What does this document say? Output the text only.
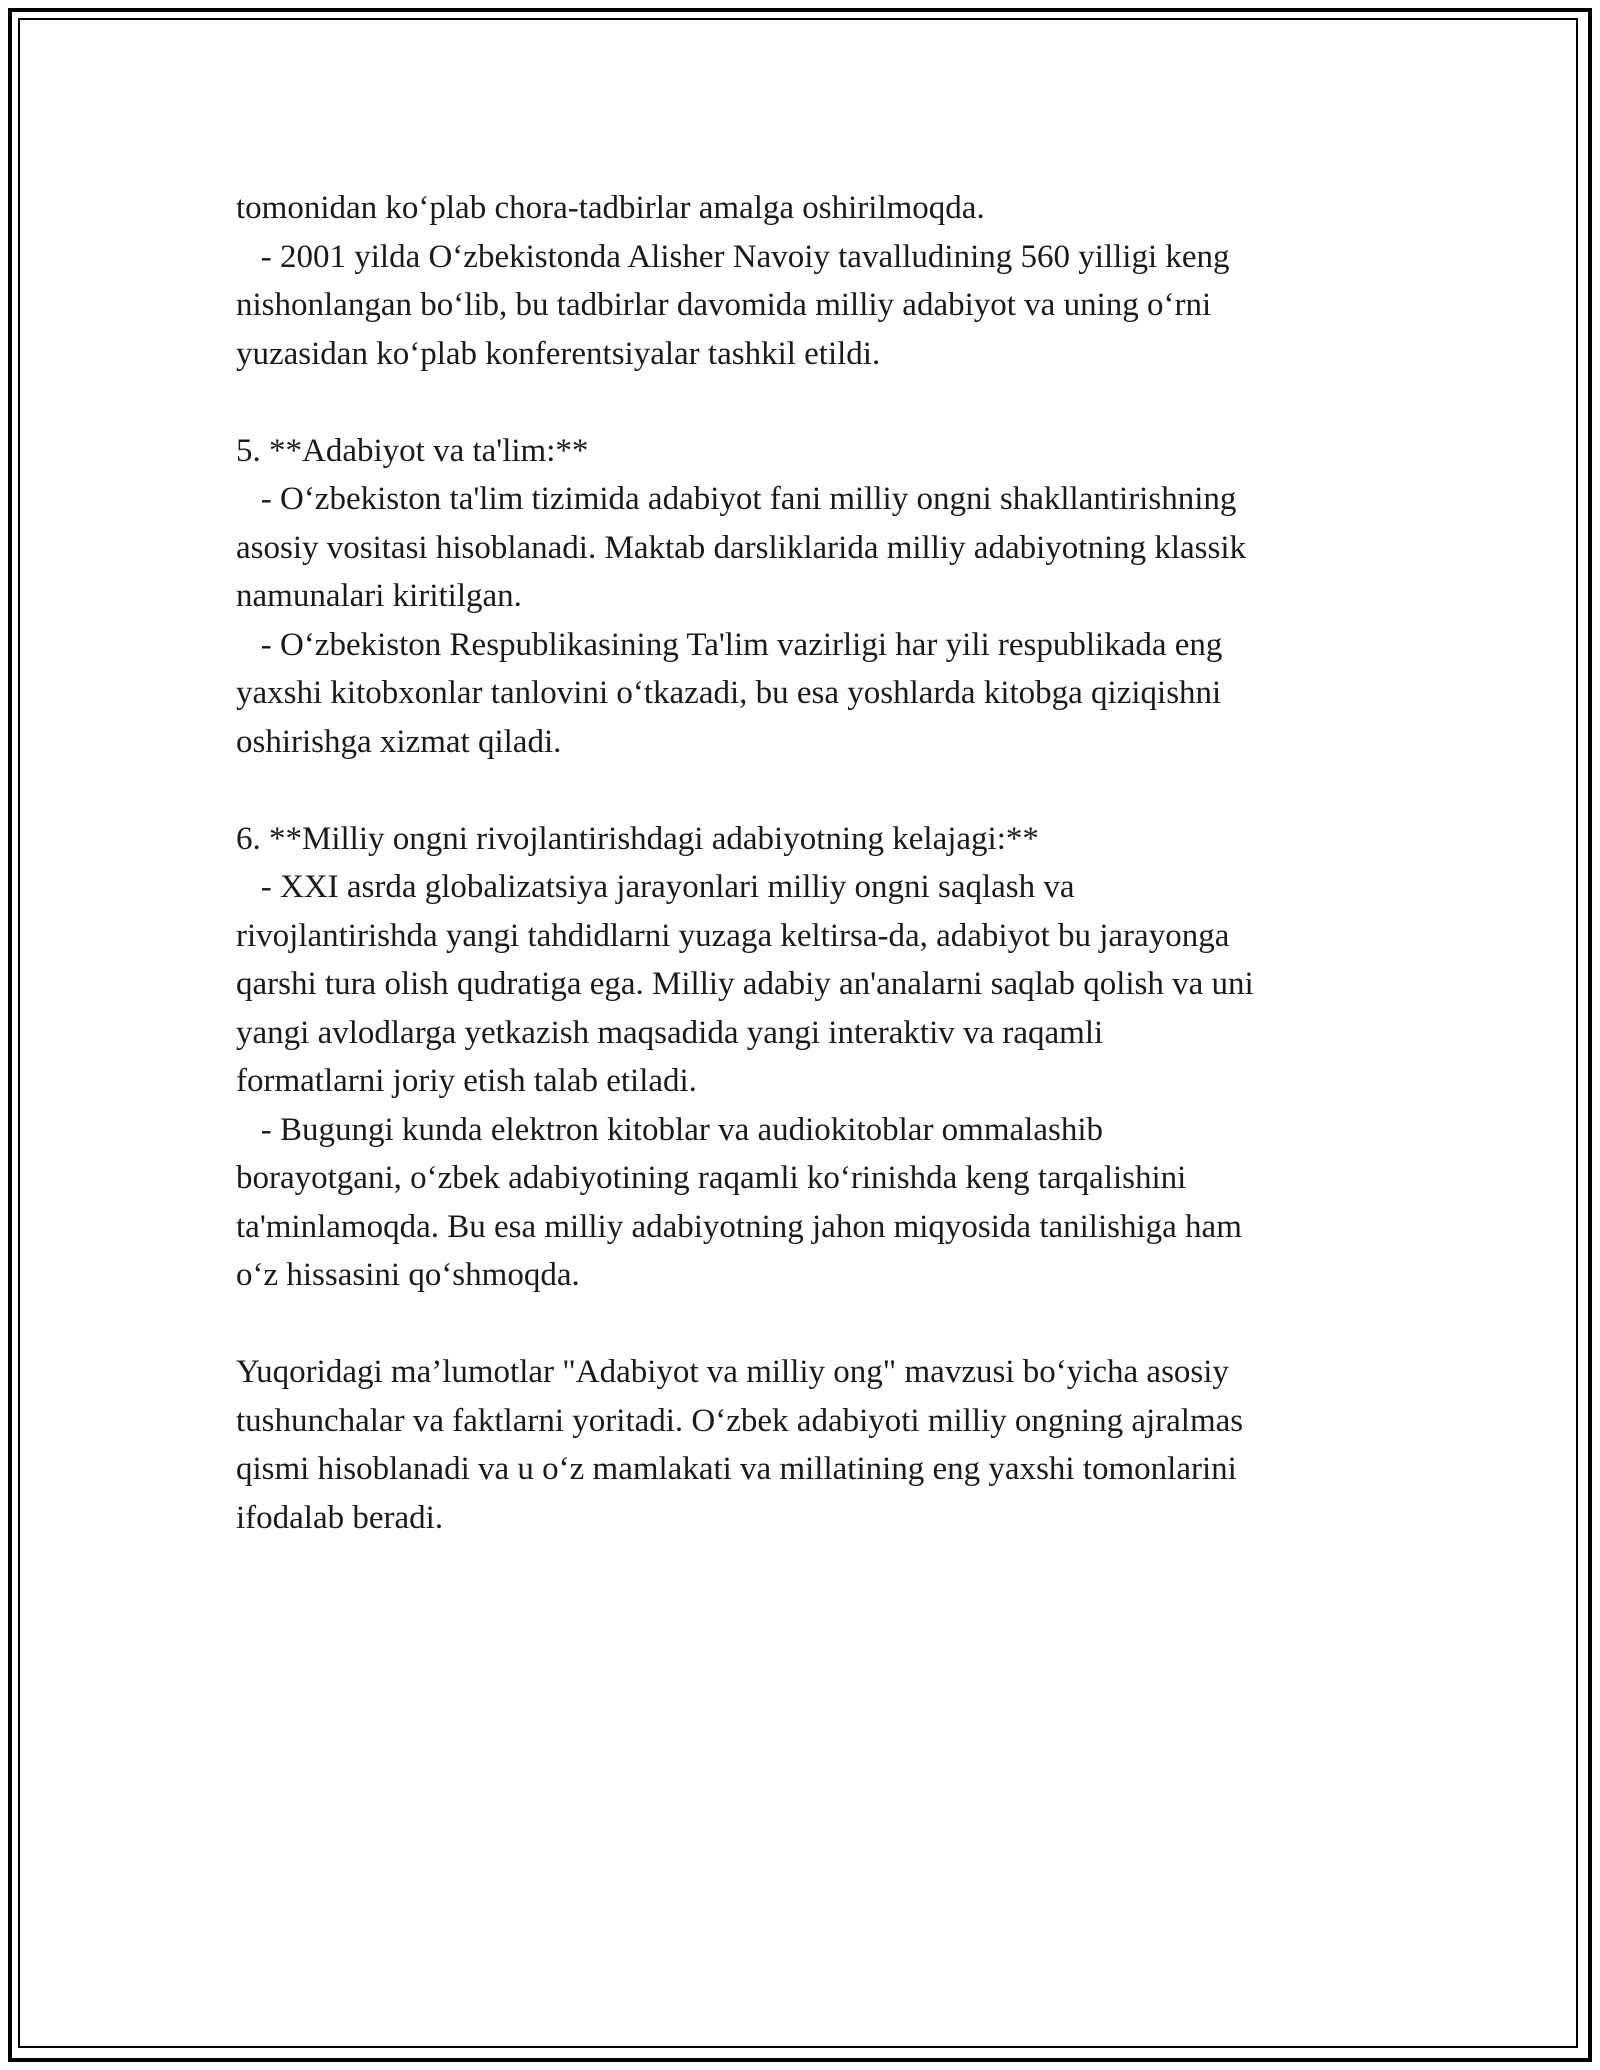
tomonidan ko‘plab chora-tadbirlar amalga oshirilmoqda.
- 2001 yilda O‘zbekistonda Alisher Navoiy tavalludining 560 yilligi keng
nishonlangan bo‘lib, bu tadbirlar davomida milliy adabiyot va uning o‘rni
yuzasidan ko‘plab konferentsiyalar tashkil etildi.
5. **Adabiyot va ta'lim:**
- O‘zbekiston ta'lim tizimida adabiyot fani milliy ongni shakllantirishning
asosiy vositasi hisoblanadi. Maktab darsliklarida milliy adabiyotning klassik
namunalari kiritilgan.
- O‘zbekiston Respublikasining Ta'lim vazirligi har yili respublikada eng
yaxshi kitobxonlar tanlovini o‘tkazadi, bu esa yoshlarda kitobga qiziqishni
oshirishga xizmat qiladi.
6. **Milliy ongni rivojlantirishdagi adabiyotning kelajagi:**
- XXI asrda globalizatsiya jarayonlari milliy ongni saqlash va
rivojlantirishda yangi tahdidlarni yuzaga keltirsa-da, adabiyot bu jarayonga
qarshi tura olish qudratiga ega. Milliy adabiy an'analarni saqlab qolish va uni
yangi avlodlarga yetkazish maqsadida yangi interaktiv va raqamli
formatlarni joriy etish talab etiladi.
- Bugungi kunda elektron kitoblar va audiokitoblar ommalashib
borayotgani, o‘zbek adabiyotining raqamli ko‘rinishda keng tarqalishini
ta'minlamoqda. Bu esa milliy adabiyotning jahon miqyosida tanilishiga ham
o‘z hissasini qo‘shmoqda.
Yuqoridagi ma’lumotlar "Adabiyot va milliy ong" mavzusi bo‘yicha asosiy
tushunchalar va faktlarni yoritadi. O‘zbek adabiyoti milliy ongning ajralmas
qismi hisoblanadi va u o‘z mamlakati va millatining eng yaxshi tomonlarini
ifodalab beradi.
